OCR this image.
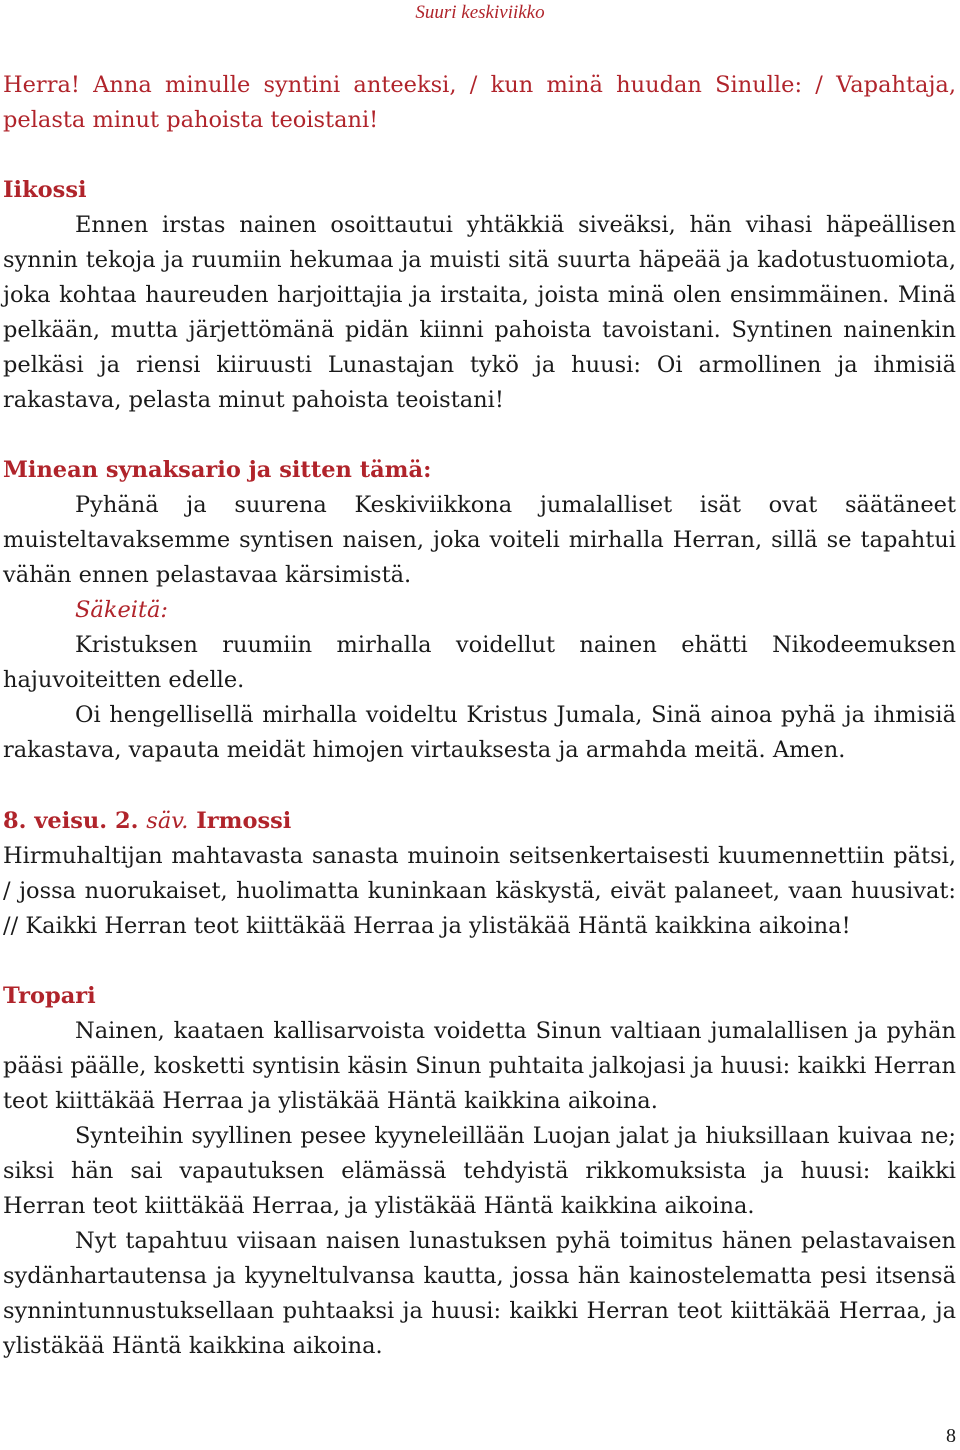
Suuri keskiviikko

Herra! Anna minulle syntini anteeksi, / kun minä huudan Sinulle: / Vapahtaja, pelasta minut pahoista teoistani!

Iikossi

Ennen irstas nainen osoittautui yhtäkkiä siveäksi, hän vihasi häpeällisen synnin tekoja ja ruumiin hekumaa ja muisti sitä suurta häpeää ja kadotustuomiota, joka kohtaa haureuden harjoittajia ja irstaita, joista minä olen ensimmäinen. Minä pelkään, mutta järjettömänä pidän kiinni pahoista tavoistani. Syntinen nainenkin pelkäsi ja riensi kiiruusti Lunastajan tykö ja huusi: Oi armollinen ja ihmisiä rakastava, pelasta minut pahoista teoistani!

Minean synaksario ja sitten tämä:

Pyhänä ja suurena Keskiviikkona jumalalliset isät ovat säätäneet muisteltavaksemme syntisen naisen, joka voiteli mirhalla Herran, sillä se tapahtui vähän ennen pelastavaa kärsimistä.

Säkeitä:

Kristuksen ruumiin mirhalla voidellut nainen ehätti Nikodeemuksen hajuvoiteitten edelle.

Oi hengellisellä mirhalla voideltu Kristus Jumala, Sinä ainoa pyhä ja ihmisiä rakastava, vapauta meidät himojen virtauksesta ja armahda meitä. Amen.

8. veisu. 2. säv. Irmossi

Hirmuhaltijan mahtavasta sanasta muinoin seitsenkertaisesti kuumennettiin pätsi, / jossa nuorukaiset, huolimatta kuninkaan käskystä, eivät palaneet, vaan huusivat: // Kaikki Herran teot kiittäkää Herraa ja ylistäkää Häntä kaikkina aikoina!

Tropari

Nainen, kaataen kallisarvoista voidetta Sinun valtiaan jumalallisen ja pyhän pääsi päälle, kosketti syntisin käsin Sinun puhtaita jalkojasi ja huusi: kaikki Herran teot kiittäkää Herraa ja ylistäkää Häntä kaikkina aikoina.

Synteihin syyllinen pesee kyyneleillään Luojan jalat ja hiuksillaan kuivaa ne; siksi hän sai vapautuksen elämässä tehdyistä rikkomuksista ja huusi: kaikki Herran teot kiittäkää Herraa, ja ylistäkää Häntä kaikkina aikoina.

Nyt tapahtuu viisaan naisen lunastuksen pyhä toimitus hänen pelastavaisen sydänhartautensa ja kyyneltulvansa kautta, jossa hän kainostelematta pesi itsensä synnintunnustuksellaan puhtaaksi ja huusi: kaikki Herran teot kiittäkää Herraa, ja ylistäkää Häntä kaikkina aikoina.

8
